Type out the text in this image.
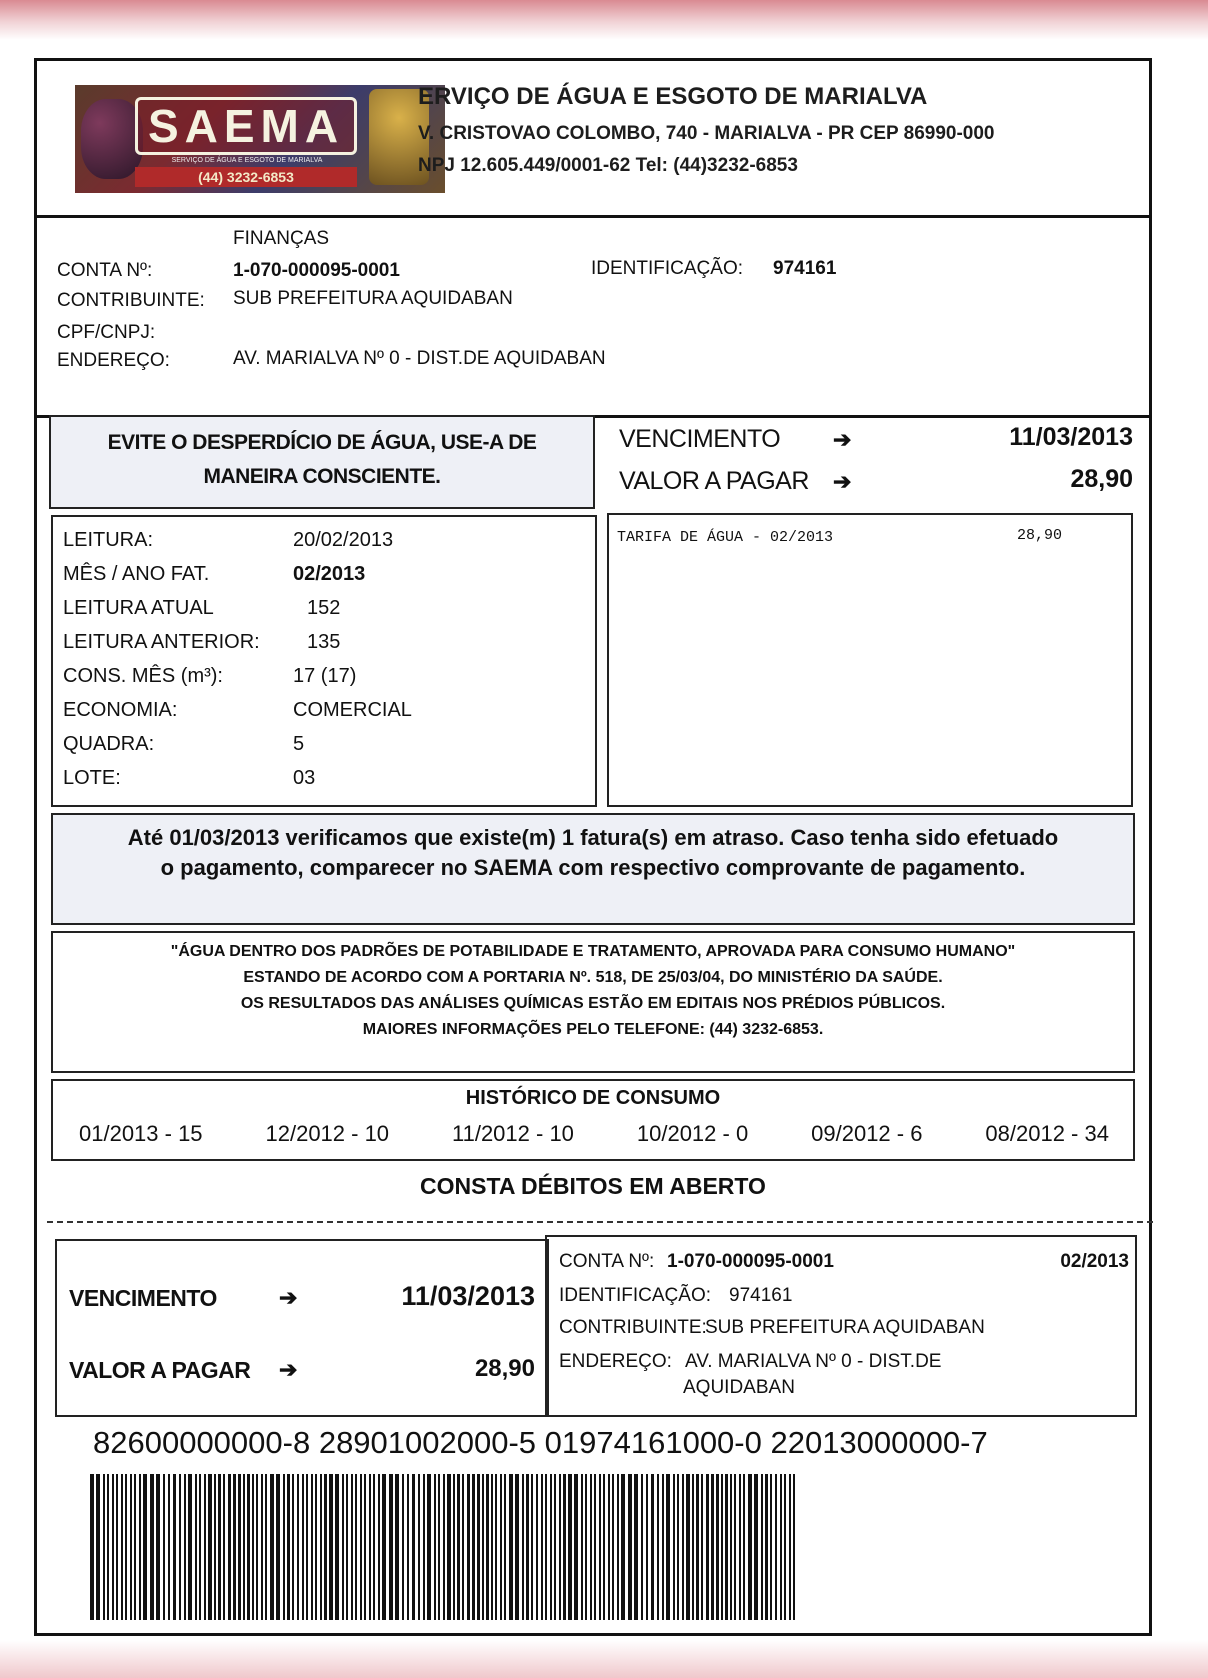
SAEMA
SERVIÇO DE ÁGUA E ESGOTO DE MARIALVA
(44) 3232-6853
ERVIÇO DE ÁGUA E ESGOTO DE MARIALVA
V. CRISTOVAO COLOMBO, 740 - MARIALVA - PR CEP 86990-000
NPJ 12.605.449/0001-62 Tel: (44)3232-6853
FINANÇAS
CONTA Nº:	1-070-000095-0001	IDENTIFICAÇÃO: 974161
CONTRIBUINTE: SUB PREFEITURA AQUIDABAN
CPF/CNPJ:
ENDEREÇO:	AV. MARIALVA Nº 0 - DIST.DE AQUIDABAN
EVITE O DESPERDÍCIO DE ÁGUA, USE-A DE
MANEIRA CONSCIENTE.
VENCIMENTO ➔	11/03/2013
VALOR A PAGAR ➔	28,90
LEITURA:	20/02/2013
MÊS / ANO FAT.	02/2013
LEITURA ATUAL	152
LEITURA ANTERIOR: 135
CONS. MÊS (m³):	17 (17)
ECONOMIA:	COMERCIAL
QUADRA:	5
LOTE:	03
TARIFA DE ÁGUA - 02/2013	28,90
Até 01/03/2013 verificamos que existe(m) 1 fatura(s) em atraso. Caso tenha sido efetuado
o pagamento, comparecer no SAEMA com respectivo comprovante de pagamento.
"ÁGUA DENTRO DOS PADRÕES DE POTABILIDADE E TRATAMENTO, APROVADA PARA CONSUMO HUMANO"
ESTANDO DE ACORDO COM A PORTARIA Nº. 518, DE 25/03/04, DO MINISTÉRIO DA SAÚDE.
OS RESULTADOS DAS ANÁLISES QUÍMICAS ESTÃO EM EDITAIS NOS PRÉDIOS PÚBLICOS.
MAIORES INFORMAÇÕES PELO TELEFONE: (44) 3232-6853.
HISTÓRICO DE CONSUMO
01/2013 - 15	12/2012 - 10	11/2012 - 10	10/2012 - 0	09/2012 - 6	08/2012 - 34
CONSTA DÉBITOS EM ABERTO
VENCIMENTO	➔	11/03/2013
VALOR A PAGAR ➔	28,90
CONTA Nº: 1-070-000095-0001	02/2013
IDENTIFICAÇÃO: 974161
CONTRIBUINTE:
SUB PREFEITURA AQUIDABAN
ENDEREÇO: AV. MARIALVA Nº 0 - DIST.DE
AQUIDABAN
82600000000-8 28901002000-5 01974161000-0 22013000000-7
